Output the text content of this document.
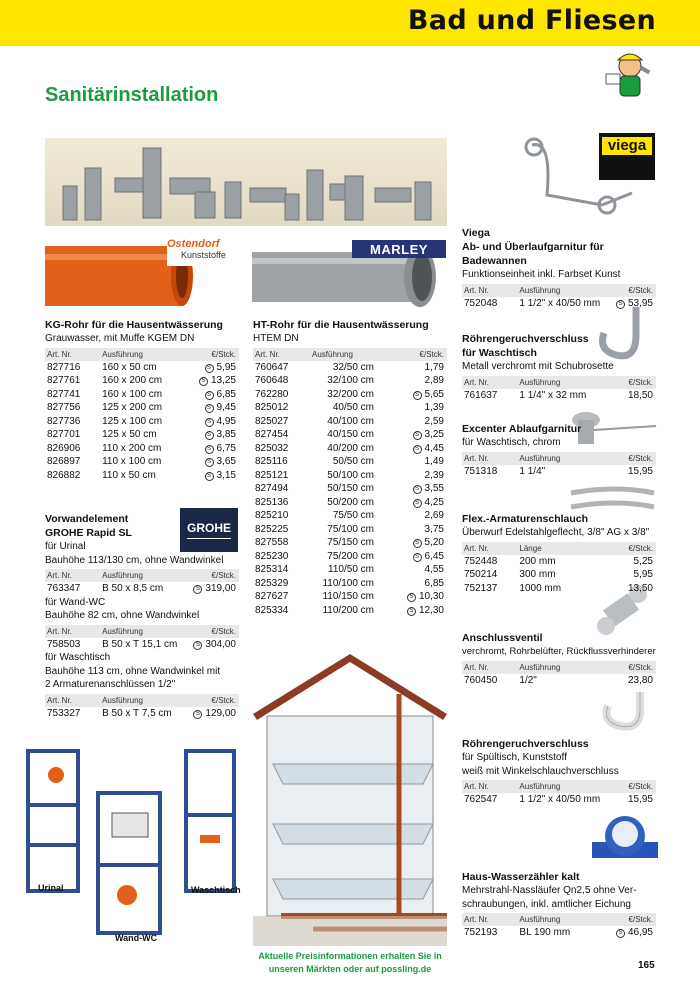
Bad und Fliesen
Sanitärinstallation
Ostendorf
Kunststoffe	MARLEY
GROHE
viega
KG-Rohr für die Hausentwässerung
Grauwasser, mit Muffe KGEM DN
Art. Nr.	Ausführung	€/Stck.
827716	160 x 50 cm	S 5,95
827761	160 x 200 cm	S 13,25
827741	160 x 100 cm	S 6,85
827756	125 x 200 cm	S 9,45
827736	125 x 100 cm	S 4,95
827701	125 x 50 cm	S 3,85
826906	110 x 200 cm	S 6,75
826897	110 x 100 cm	S 3,65
826882	110 x 50 cm	S 3,15
Vorwandelement
GROHE Rapid SL
für Urinal
Bauhöhe 113/130 cm, ohne Wandwinkel
Art. Nr.	Ausführung	€/Stck.
763347	B 50 x 8,5 cm	S 319,00
für Wand-WC
Bauhöhe 82 cm, ohne Wandwinkel
Art. Nr.	Ausführung	€/Stck.
758503	B 50 x T 15,1 cm	S 304,00
für Waschtisch
Bauhöhe 113 cm, ohne Wandwinkel mit
2 Armaturenanschlüssen 1/2"
Art. Nr.	Ausführung	€/Stck.
753327	B 50 x T 7,5 cm	S 129,00
Urinal	Waschtisch
Wand-WC
HT-Rohr für die Hausentwässerung
HTEM DN
Art. Nr.	Ausführung	€/Stck.
760647	32/50 cm	1,79
760648	32/100 cm	2,89
762280	32/200 cm	S 5,65
825012	40/50 cm	1,39
825027	40/100 cm	2,59
827454	40/150 cm	S 3,25
825032	40/200 cm	S 4,45
825116	50/50 cm	1,49
825121	50/100 cm	2,39
827494	50/150 cm	S 3,55
825136	50/200 cm	S 4,25
825210	75/50 cm	2,69
825225	75/100 cm	3,75
827558	75/150 cm	S 5,20
825230	75/200 cm	S 6,45
825314	110/50 cm	4,55
825329	110/100 cm	6,85
827627	110/150 cm	S 10,30
825334	110/200 cm	S 12,30
Aktuelle Preisinformationen erhalten Sie in
unseren Märkten oder auf possling.de	165
Viega
Ab- und Überlaufgarnitur für Badewannen
Funktionseinheit inkl. Farbset Kunst
Art. Nr.	Ausführung	€/Stck.
752048	1 1/2" x 40/50 mm	S 53,95
Röhrengeruchverschluss
für Waschtisch
Metall verchromt mit Schubrosette
Art. Nr.	Ausführung	€/Stck.
761637	1 1/4" x 32 mm	18,50
Excenter Ablaufgarnitur
für Waschtisch, chrom
Art. Nr.	Ausführung	€/Stck.
751318	1 1/4"	15,95
Flex.-Armaturenschlauch
Überwurf Edelstahlgeflecht, 3/8" AG x 3/8"
Art. Nr.	Länge	€/Stck.
752448	200 mm	5,25
750214	300 mm	5,95
752137	1000 mm	13,50
Anschlussventil
verchromt, Rohrbelüfter, Rückflussverhinderer
Art. Nr.	Ausführung	€/Stck.
760450	1/2"	23,80
Röhrengeruchverschluss
für Spültisch, Kunststoff
weiß mit Winkelschlauchverschluss
Art. Nr.	Ausführung	€/Stck.
762547	1 1/2" x 40/50 mm	15,95
Haus-Wasserzähler kalt
Mehrstrahl-Nassläufer Qn2,5 ohne Ver-
schraubungen, inkl. amtlicher Eichung
Art. Nr.	Ausführung	€/Stck.
752193	BL 190 mm	S 46,95
